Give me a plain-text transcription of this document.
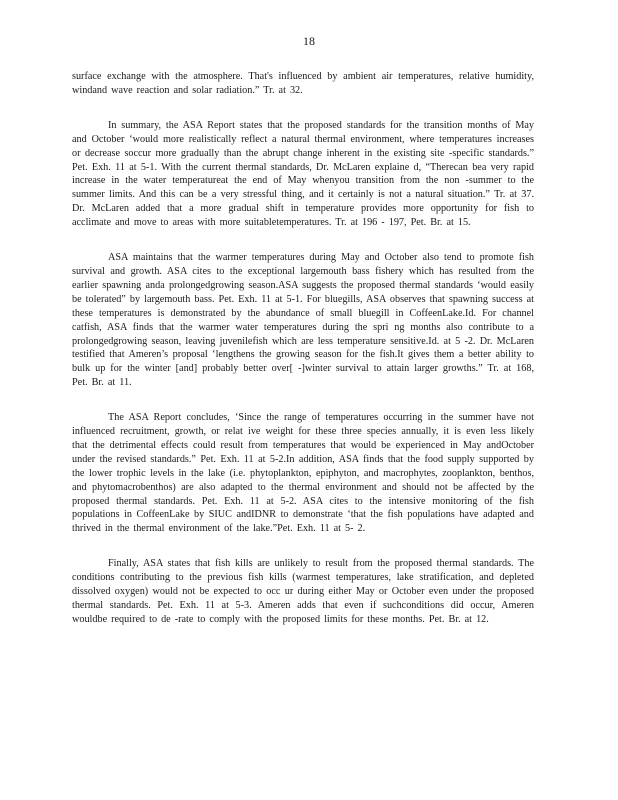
18

surface exchange with the atmosphere. That's influenced by ambient air temperatures, relative humidity, windand wave reaction and solar radiation.” Tr. at 32.

In summary, the ASA Report states that the proposed standards for the transition months of May and October ‘would more realistically reflect a natural thermal environment, where temperatures increases or decrease soccur more gradually than the abrupt change inherent in the existing site -specific standards.” Pet. Exh. 11 at 5-1. With the current thermal standards, Dr. McLaren explaine d, “Therecan bea very rapid increase in the water temperatureat the end of May whenyou transition from the non -summer to the summer limits. And this can be a very stressful thing, and it certainly is not a natural situation.” Tr. at 37. Dr. McLaren added that a more gradual shift in temperature provides more opportunity for fish to acclimate and move to areas with more suitabletemperatures. Tr. at 196 - 197, Pet. Br. at 15.

ASA maintains that the warmer temperatures during May and October also tend to promote fish survival and growth. ASA cites to the exceptional largemouth bass fishery which has resulted from the earlier spawning anda prolongedgrowing season.ASA suggests the proposed thermal standards ‘would easily be tolerated” by largemouth bass. Pet. Exh. 11 at 5-1. For bluegills, ASA observes that spawning success at these temperatures is demonstrated by the abundance of small bluegill in CoffeenLake.Id. For channel catfish, ASA finds that the warmer water temperatures during the spri ng months also contribute to a prolongedgrowing season, leaving juvenilefish which are less temperature sensitive.Id. at 5 -2. Dr. McLaren testified that Ameren’s proposal ‘lengthens the growing season for the fish.It gives them a better ability to bulk up for the winter [and] probably better over[ -]winter survival to attain larger growths.” Tr. at 168, Pet. Br. at 11.

The ASA Report concludes, ‘Since the range of temperatures occurring in the summer have not influenced recruitment, growth, or relat ive weight for these three species annually, it is even less likely that the detrimental effects could result from temperatures that would be experienced in May andOctober under the revised standards.” Pet. Exh. 11 at 5-2.In addition, ASA finds that the food supply supported by the lower trophic levels in the lake (i.e. phytoplankton, epiphyton, and macrophytes, zooplankton, benthos, and phytomacrobenthos) are also adapted to the thermal environment and should not be affected by the proposed thermal standards. Pet. Exh. 11 at 5-2. ASA cites to the intensive monitoring of the fish populations in CoffeenLake by SIUC andIDNR to demonstrate ‘that the fish populations have adapted and thrived in the thermal environment of the lake.”Pet. Exh. 11 at 5- 2.

Finally, ASA states that fish kills are unlikely to result from the proposed thermal standards. The conditions contributing to the previous fish kills (warmest temperatures, lake stratification, and depleted dissolved oxygen) would not be expected to occ ur during either May or October even under the proposed thermal standards. Pet. Exh. 11 at 5-3. Ameren adds that even if suchconditions did occur, Ameren wouldbe required to de -rate to comply with the proposed limits for these months. Pet. Br. at 12.
